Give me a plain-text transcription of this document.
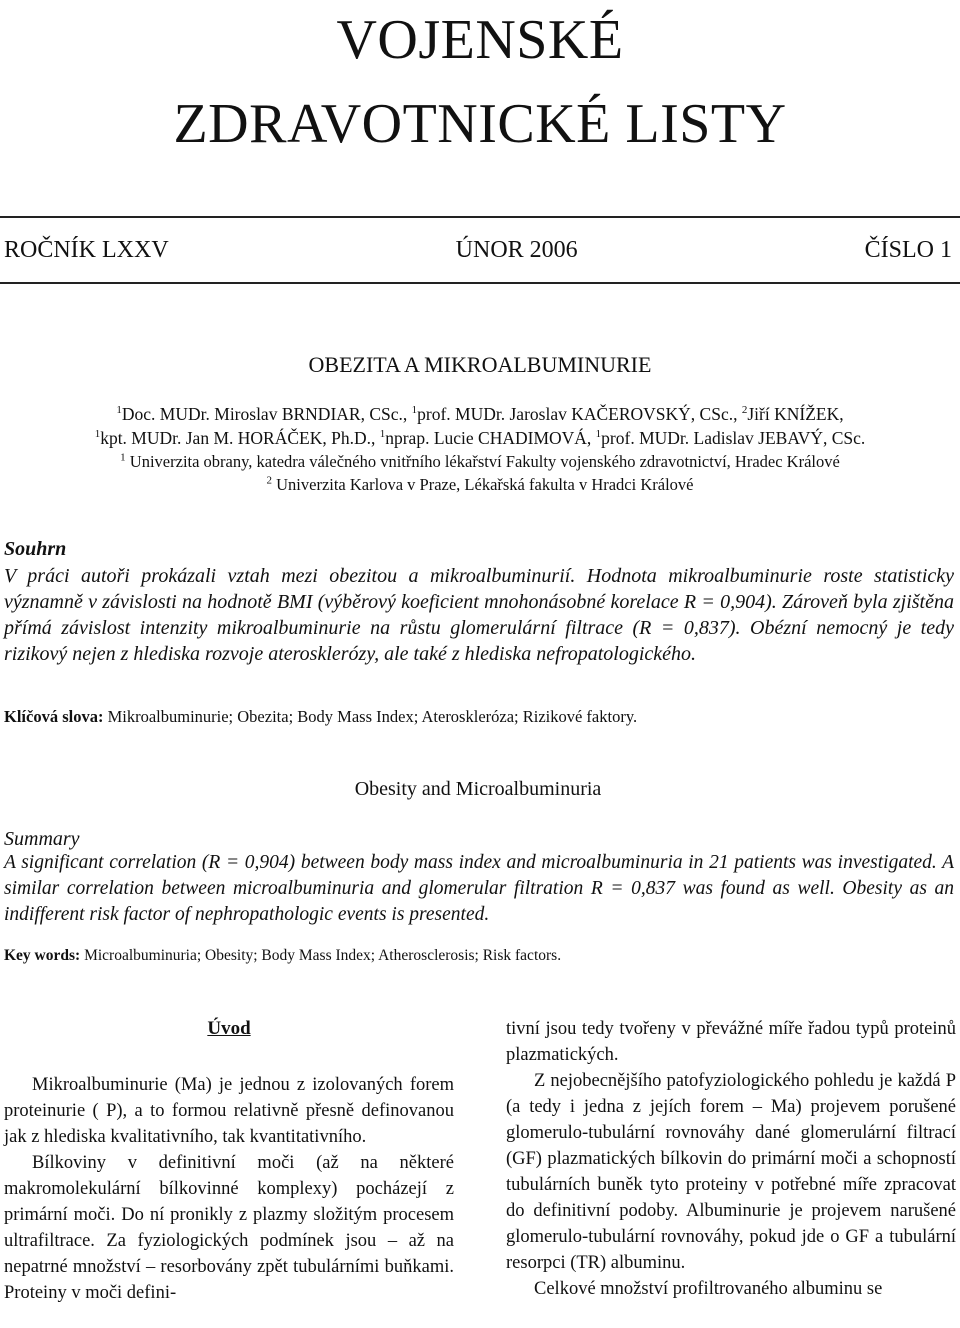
VOJENSKÉ
ZDRAVOTNICKÉ LISTY
ROČNÍK LXXV	ÚNOR 2006	ČÍSLO 1
OBEZITA A MIKROALBUMINURIE
$^1$Doc. MUDr. Miroslav BRNDIAR, CSc., $^1$prof. MUDr. Jaroslav KAČEROVSKÝ, CSc., $^2$Jiří KNÍŽEK,
$^1$kpt. MUDr. Jan M. HORÁČEK, Ph.D., $^1$nprap. Lucie CHADIMOVÁ, $^1$prof. MUDr. Ladislav JEBAVÝ, CSc.
$^1$ Univerzita obrany, katedra válečného vnitřního lékařství Fakulty vojenského zdravotnictví, Hradec Králové
$^2$ Univerzita Karlova v Praze, Lékařská fakulta v Hradci Králové
Souhrn
V práci autoři prokázali vztah mezi obezitou a mikroalbuminurií. Hodnota mikroalbuminurie roste statisticky významně v závislosti na hodnotě BMI (výběrový koeficient mnohonásobné korelace R = 0,904). Zároveň byla zjištěna přímá závislost intenzity mikroalbuminurie na růstu glomerulární filtrace (R = 0,837). Obézní nemocný je tedy rizikový nejen z hlediska rozvoje aterosklerózy, ale také z hlediska nefropatologického.
Klíčová slova: Mikroalbuminurie; Obezita; Body Mass Index; Ateroskleróza; Rizikové faktory.
Obesity and Microalbuminuria
Summary
A significant correlation (R = 0,904) between body mass index and microalbuminuria in 21 patients was investigated. A similar correlation between microalbuminuria and glomerular filtration R = 0,837 was found as well. Obesity as an indifferent risk factor of nephropathologic events is presented.
Key words: Microalbuminuria; Obesity; Body Mass Index; Atherosclerosis; Risk factors.
Úvod

Mikroalbuminurie (Ma) je jednou z izolovaných forem proteinurie ( P), a to formou relativně přesně definovanou jak z hlediska kvalitativního, tak kvantitativního.

Bílkoviny v definitivní moči (až na některé makromolekulární bílkovinné komplexy) pocházejí z primární moči. Do ní pronikly z plazmy složitým procesem ultrafiltrace. Za fyziologických podmínek jsou – až na nepatrné množství – resorbovány zpět tubulárními buňkami. Proteiny v moči defini-

tivní jsou tedy tvořeny v převážné míře řadou typů proteinů plazmatických.

Z nejobecnějšího patofyziologického pohledu je každá P (a tedy i jedna z jejích forem – Ma) projevem porušené glomerulo-tubulární rovnováhy dané glomerulární filtrací (GF) plazmatických bílkovin do primární moči a schopností tubulárních buněk tyto proteiny v potřebné míře zpracovat do definitivní podoby. Albuminurie je projevem narušené glomerulo-tubulární rovnováhy, pokud jde o GF a tubulární resorpci (TR) albuminu.

Celkové množství profiltrovaného albuminu se
